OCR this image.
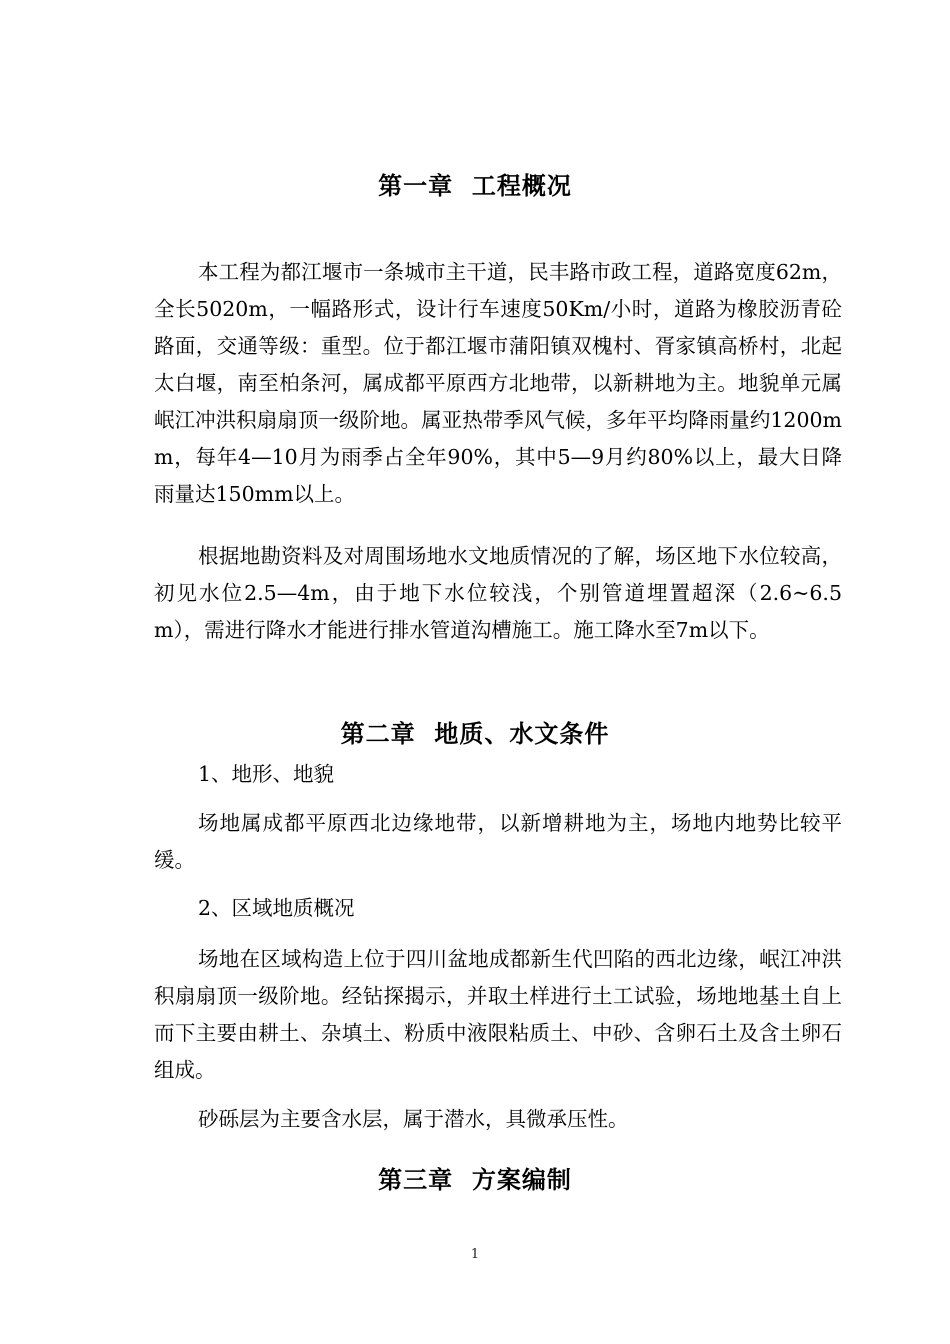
第一章  工程概况
本工程为都江堰市一条城市主干道，民丰路市政工程，道路宽度62m，全长5020m，一幅路形式，设计行车速度50Km/小时，道路为橡胶沥青砼路面，交通等级：重型。位于都江堰市蒲阳镇双槐村、胥家镇高桥村，北起太白堰，南至柏条河，属成都平原西方北地带，以新耕地为主。地貌单元属岷江冲洪积扇扇顶一级阶地。属亚热带季风气候，多年平均降雨量约1200mm，每年4—10月为雨季占全年90%，其中5—9月约80%以上，最大日降雨量达150mm以上。
根据地勘资料及对周围场地水文地质情况的了解，场区地下水位较高，初见水位2.5—4m，由于地下水位较浅，个别管道埋置超深（2.6~6.5m），需进行降水才能进行排水管道沟槽施工。施工降水至7m以下。
第二章  地质、水文条件
1、地形、地貌
场地属成都平原西北边缘地带，以新增耕地为主，场地内地势比较平缓。
2、区域地质概况
场地在区域构造上位于四川盆地成都新生代凹陷的西北边缘，岷江冲洪积扇扇顶一级阶地。经钻探揭示，并取土样进行土工试验，场地地基土自上而下主要由耕土、杂填土、粉质中液限粘质土、中砂、含卵石土及含土卵石组成。
砂砾层为主要含水层，属于潜水，具微承压性。
第三章  方案编制
1
